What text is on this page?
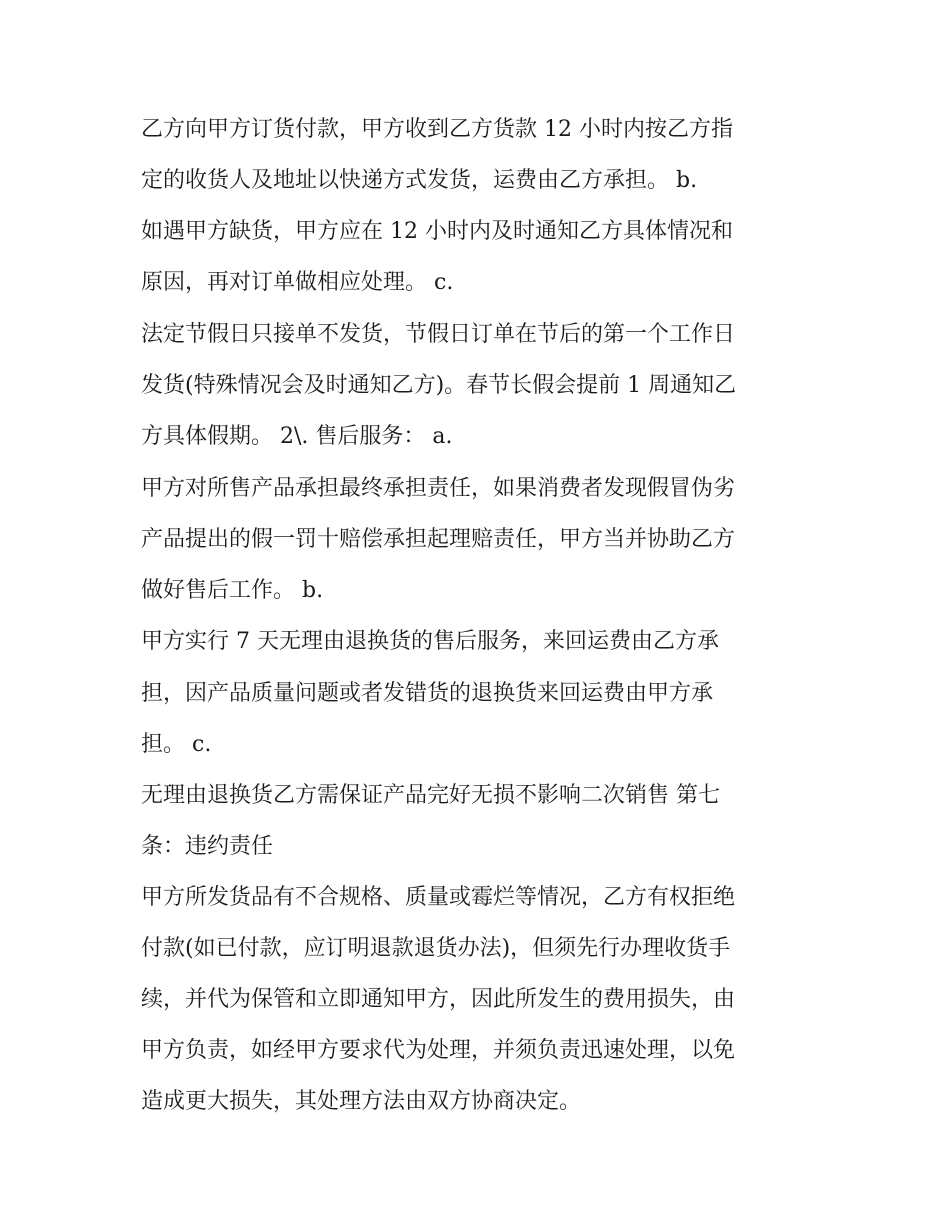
乙方向甲方订货付款，甲方收到乙方货款 12 小时内按乙方指
定的收货人及地址以快递方式发货，运费由乙方承担。 b.
如遇甲方缺货，甲方应在 12 小时内及时通知乙方具体情况和
原因，再对订单做相应处理。 c.
法定节假日只接单不发货，节假日订单在节后的第一个工作日
发货(特殊情况会及时通知乙方)。春节长假会提前 1 周通知乙
方具体假期。 2\. 售后服务： a.
甲方对所售产品承担最终承担责任，如果消费者发现假冒伪劣
产品提出的假一罚十赔偿承担起理赔责任，甲方当并协助乙方
做好售后工作。 b.
甲方实行 7 天无理由退换货的售后服务，来回运费由乙方承
担，因产品质量问题或者发错货的退换货来回运费由甲方承
担。 c.
无理由退换货乙方需保证产品完好无损不影响二次销售 第七
条：违约责任
甲方所发货品有不合规格、质量或霉烂等情况，乙方有权拒绝
付款(如已付款，应订明退款退货办法)，但须先行办理收货手
续，并代为保管和立即通知甲方，因此所发生的费用损失，由
甲方负责，如经甲方要求代为处理，并须负责迅速处理，以免
造成更大损失，其处理方法由双方协商决定。
